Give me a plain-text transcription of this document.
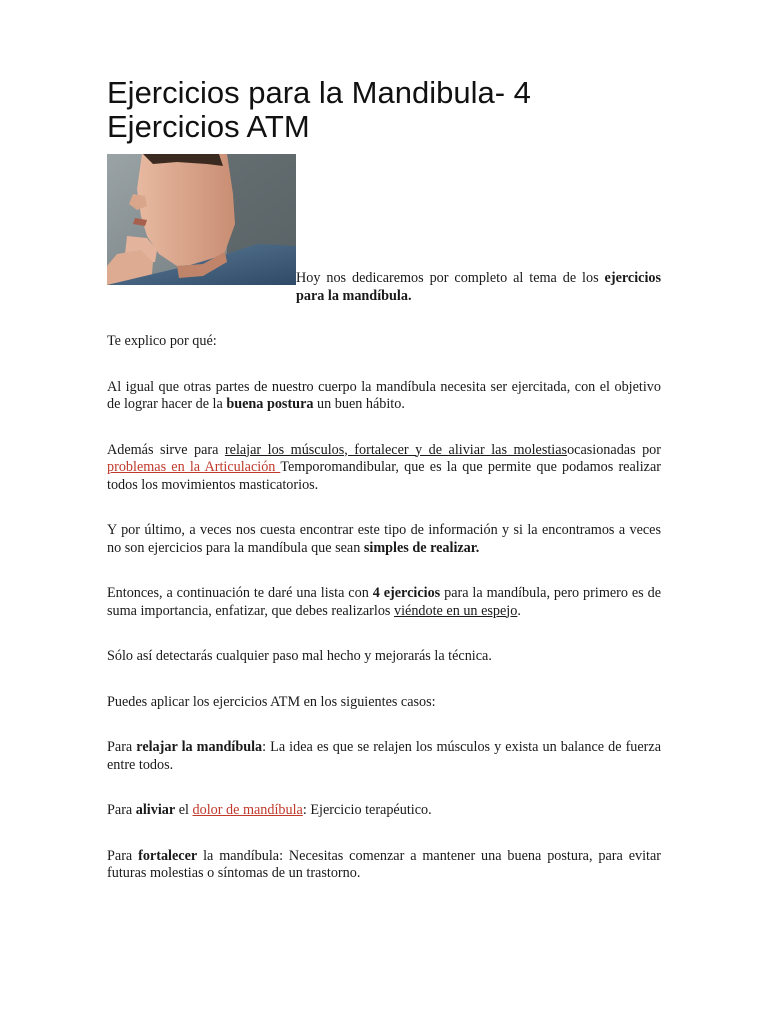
Ejercicios para la Mandibula- 4 Ejercicios ATM

Hoy nos dedicaremos por completo al tema de los ejercicios para la mandíbula.

Te explico por qué:

Al igual que otras partes de nuestro cuerpo la mandíbula necesita ser ejercitada, con el objetivo de lograr hacer de la buena postura un buen hábito.

Además sirve para relajar los músculos, fortalecer y de aliviar las molestiasocasionadas por problemas en la Articulación Temporomandibular, que es la que permite que podamos realizar todos los movimientos masticatorios.

Y por último, a veces nos cuesta encontrar este tipo de información y si la encontramos a veces no son ejercicios para la mandíbula que sean simples de realizar.

Entonces, a continuación te daré una lista con 4 ejercicios para la mandíbula, pero primero es de suma importancia, enfatizar, que debes realizarlos viéndote en un espejo.

Sólo así detectarás cualquier paso mal hecho y mejorarás la técnica.

Puedes aplicar los ejercicios ATM en los siguientes casos:

Para relajar la mandíbula: La idea es que se relajen los músculos y exista un balance de fuerza entre todos.

Para aliviar el dolor de mandíbula: Ejercicio terapéutico.

Para fortalecer la mandíbula: Necesitas comenzar a mantener una buena postura, para evitar futuras molestias o síntomas de un trastorno.
